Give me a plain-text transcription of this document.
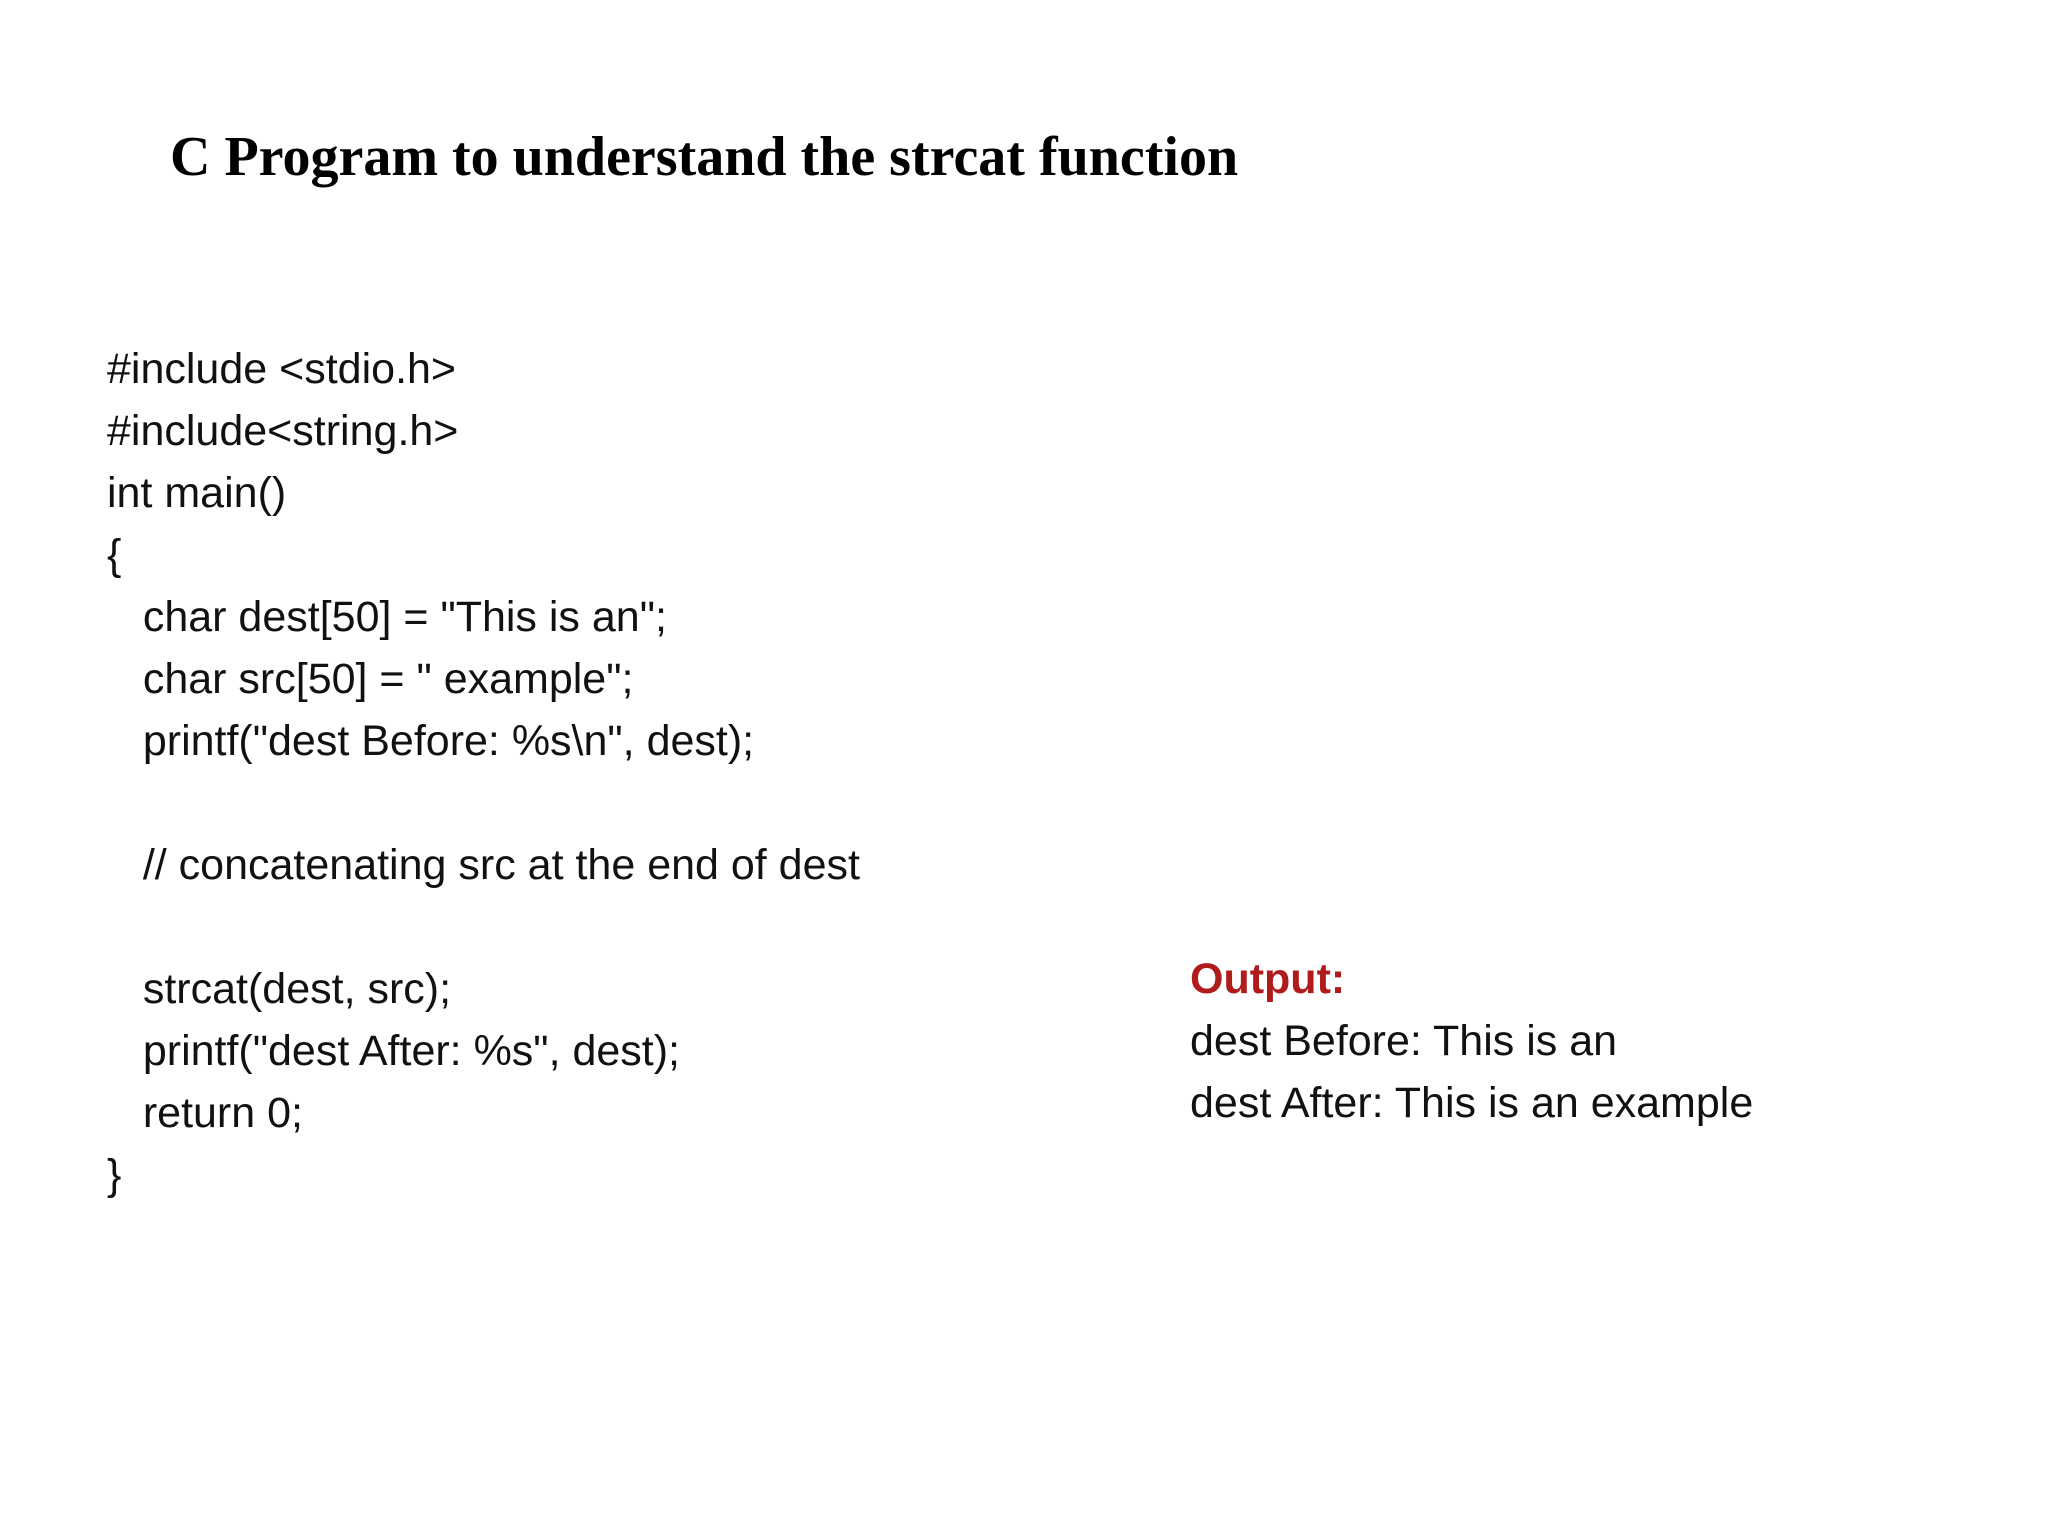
C Program to understand the strcat function
#include <stdio.h>
#include<string.h>
int main()
{
char dest[50] = "This is an";
char src[50] = " example";
printf("dest Before: %s\n", dest);
// concatenating src at the end of dest
strcat(dest, src);
printf("dest After: %s", dest);
return 0;
}
Output:
dest Before: This is an
dest After: This is an example
